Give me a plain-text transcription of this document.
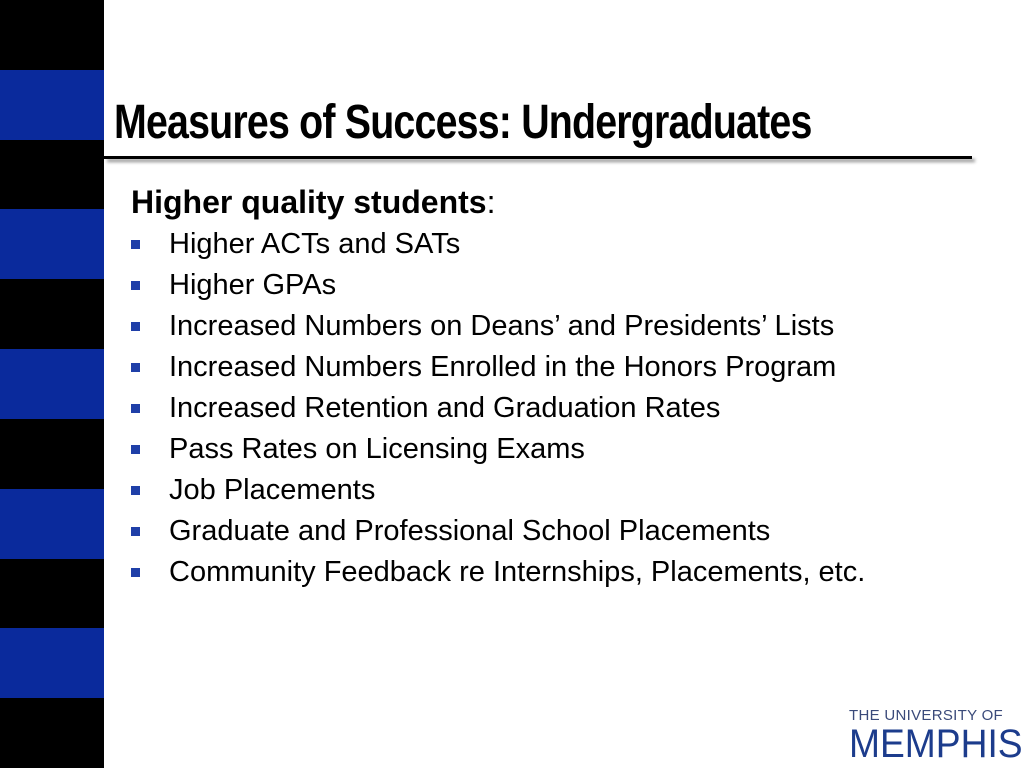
Measures of Success: Undergraduates
Higher quality students:
Higher ACTs and SATs
Higher GPAs
Increased Numbers on Deans’ and Presidents’ Lists
Increased Numbers Enrolled in the Honors Program
Increased Retention and Graduation Rates
Pass Rates on Licensing Exams
Job Placements
Graduate and Professional School Placements
Community Feedback re Internships, Placements, etc.
THE UNIVERSITY OF
MEMPHIS
